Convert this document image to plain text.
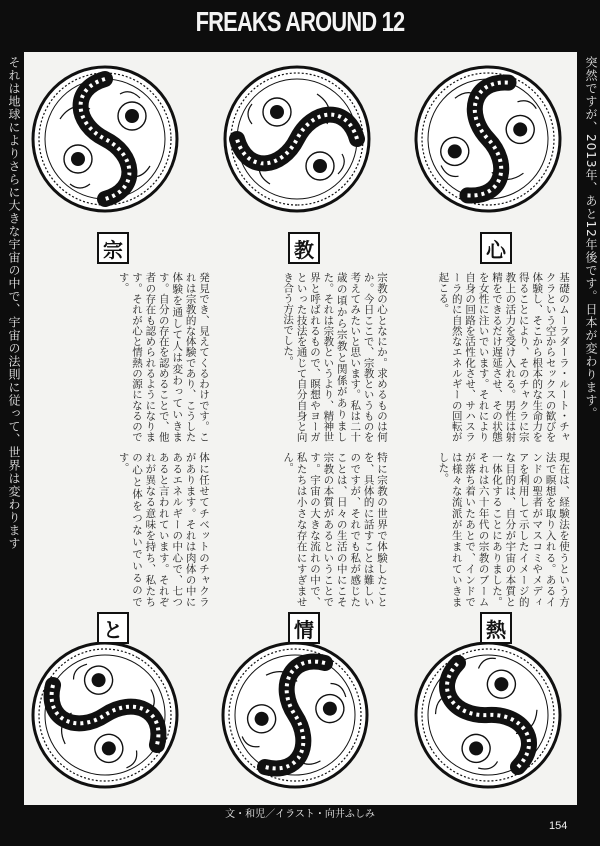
FREAKS AROUND 12
それは地球によりさらに大きな宇宙の中で、宇宙の法則に従って、世界は変わります	突然ですが、2013年、あと12年後です。日本が変わります。
宗	教	心
と	情	熱
基礎のムーラダーラ・ルート・チャクラという空からセックスの歓びを体験し、そこから根本的な生命力を得ることにより、そのチャクラに宗教上の活力を受け入れる。男性は射精をできるだけ遅延させ、その状態を女性に注いでいます。それにより自身の回路を活性化させ、サハスラーラ的に自然なエネルギーの回転が起こる。
現在は、経験法を使うという方法で瞑想を取り入れる。あるインドの聖者がマスコミやメディアを利用して示したイメージ的な目的は、自分が宇宙の本質と一体化することにありました。それは六十年代の宗教のブームが落ち着いたあとで、インドでは様々な流派が生まれていきました。
宗教の心となにか。求めるものは何か。今日ここで、宗教というものを考えてみたいと思います。私は二十歳の頃から宗教と関係がありました。それは宗教というより、精神世界と呼ばれるもので、瞑想やヨーガといった技法を通じて自分自身と向き合う方法でした。
特に宗教の世界で体験したことを、具体的に話すことは難しいのですが、それでも私が感じたことは、日々の生活の中にこそ宗教の本質があるということです。宇宙の大きな流れの中で、私たちは小さな存在にすぎません。
発見でき、見えてくるわけです。これは宗教的な体験であり、こうした体験を通して人は変わっていきます。自分の存在を認めることで、他者の存在も認められるようになります。それが心と情熱の源になるのです。
体に任せてチベットのチャクラがあります。それは肉体の中にあるエネルギーの中心で、七つあると言われています。それぞれが異なる意味を持ち、私たちの心と体をつないでいるのです。
文・和児／イラスト・向井ふしみ
154
